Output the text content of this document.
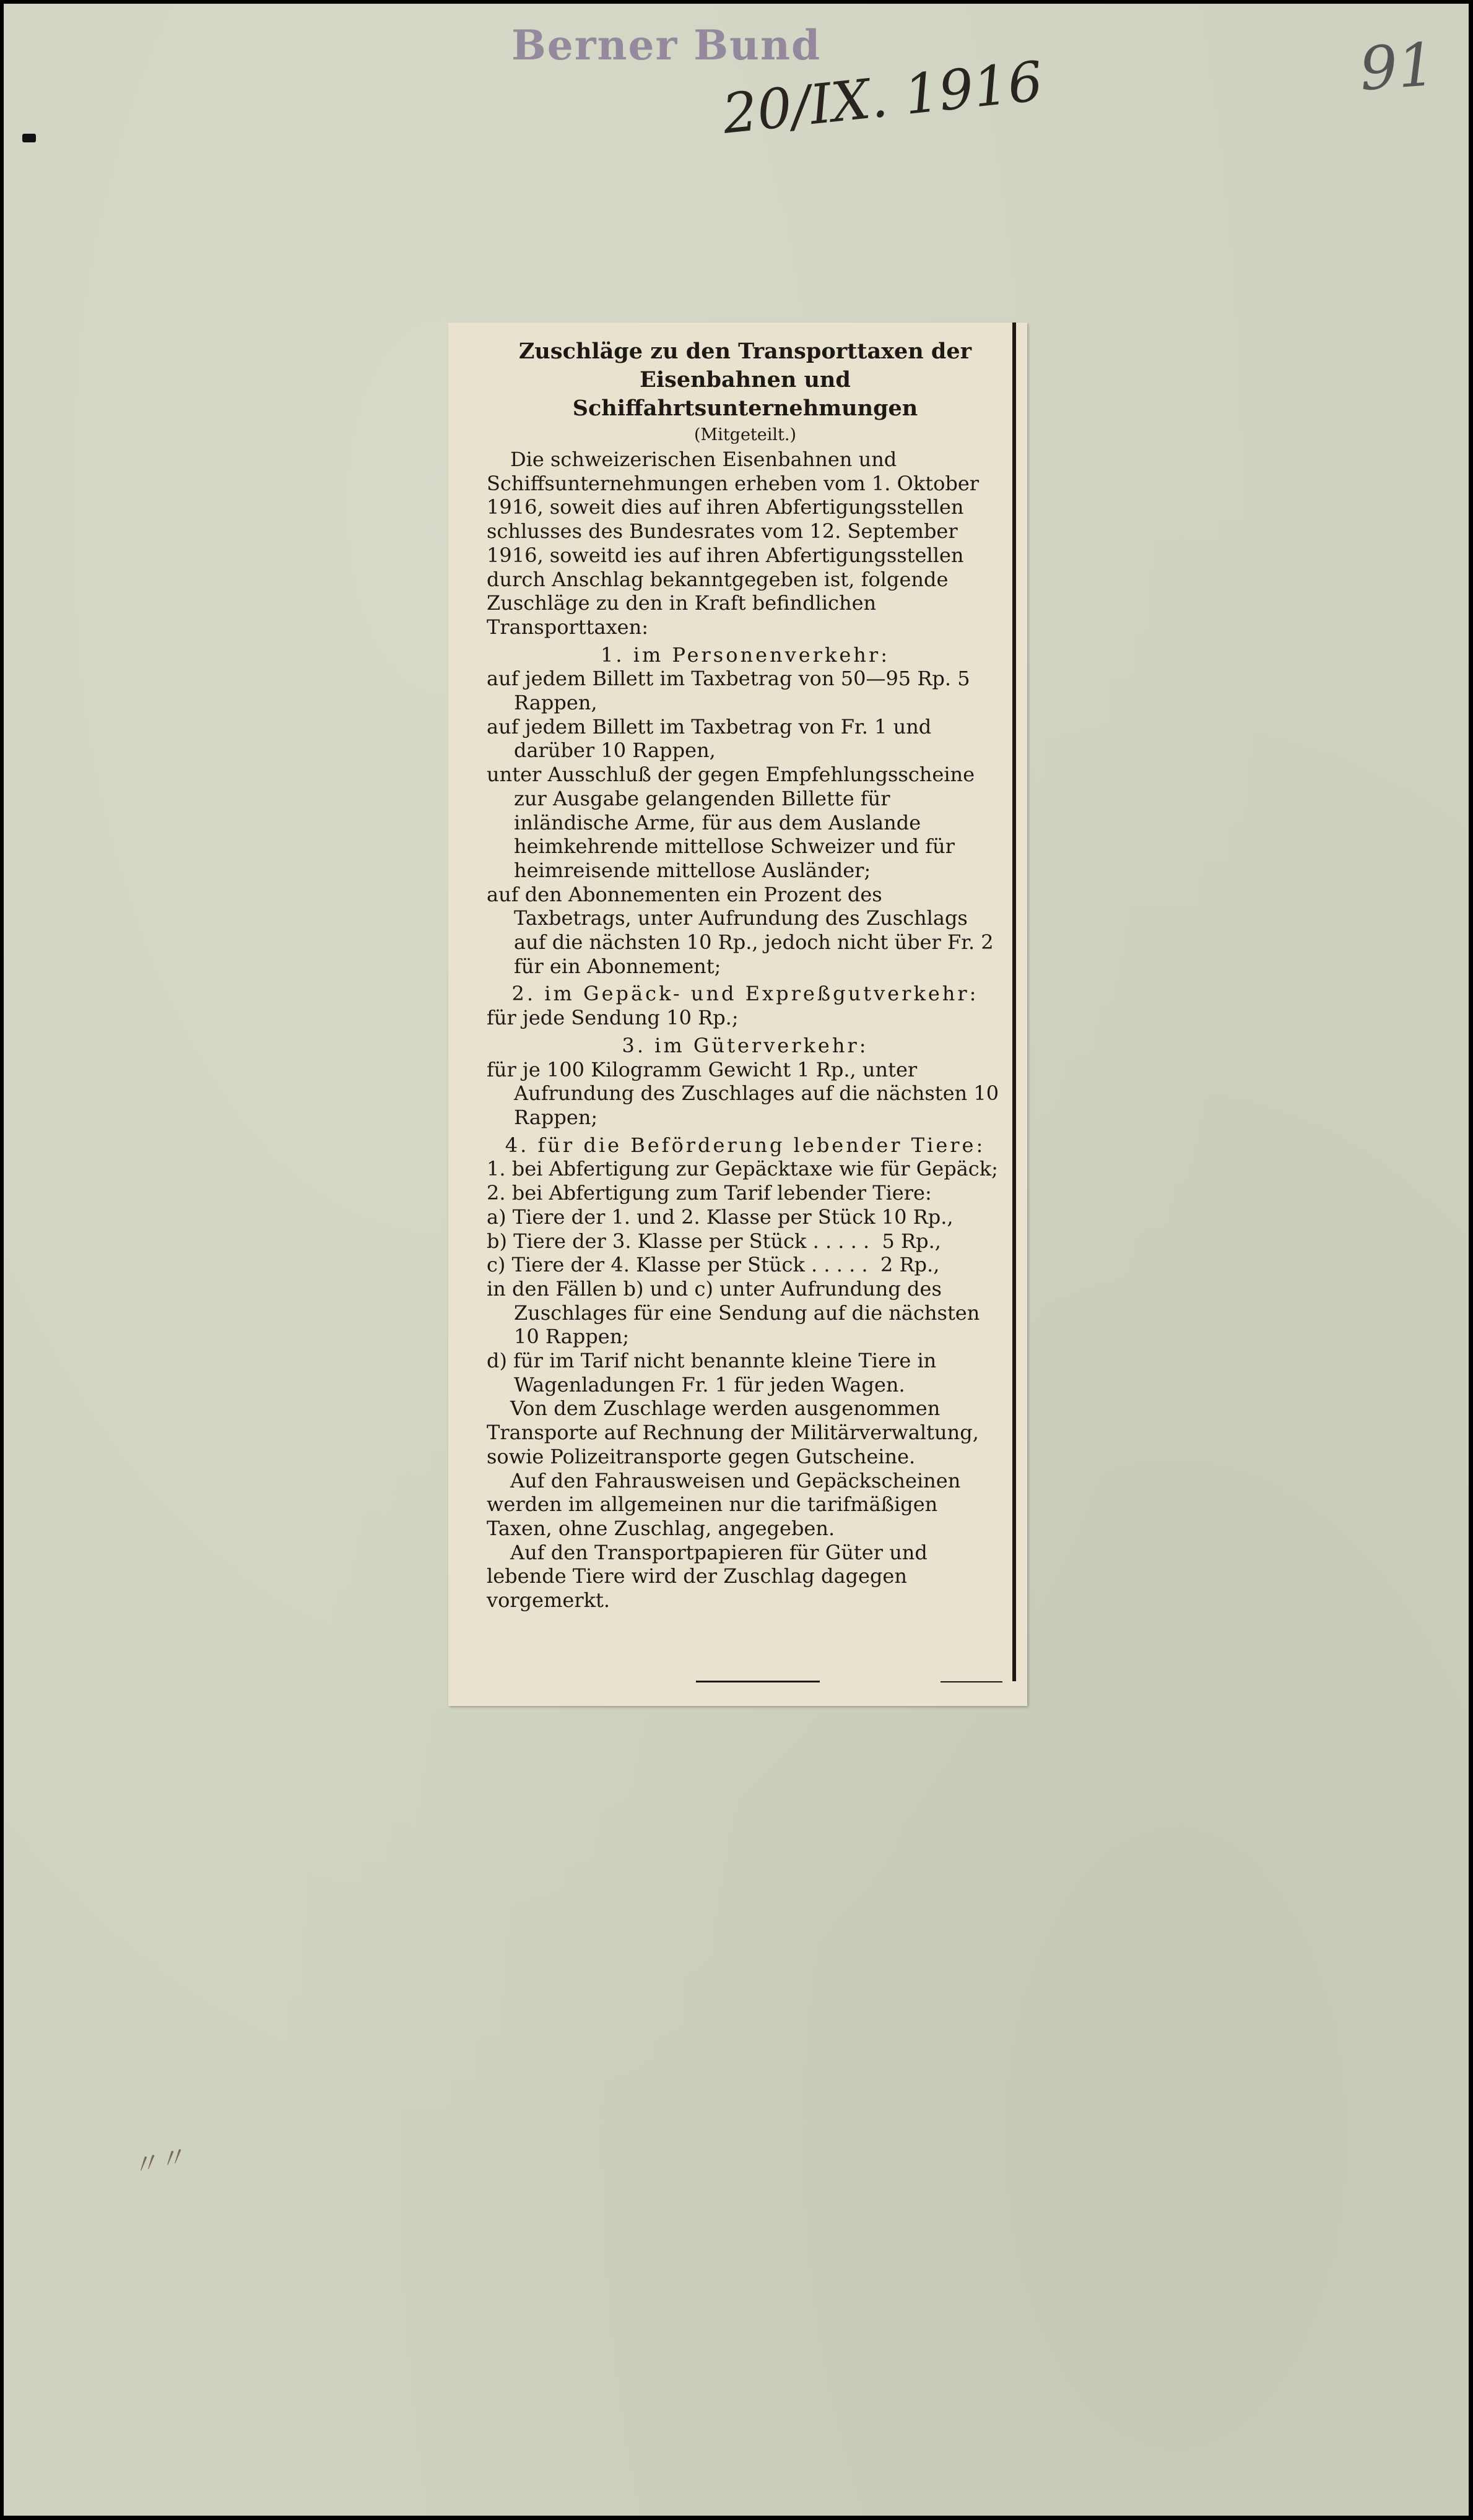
Berner Bund
20/IX. 1916	91
〃〃
Zuschläge zu den Transporttaxen der
Eisenbahnen und Schiffahrtsunternehmungen
(Mitgeteilt.)

Die schweizerischen Eisenbahnen und Schiffsunternehmungen erheben vom 1. Oktober 1916, soweit dies auf ihren Abfertigungsstellen schlusses des Bundesrates vom 12. September 1916, soweitd ies auf ihren Abfertigungsstellen durch Anschlag bekanntgegeben ist, folgende Zuschläge zu den in Kraft befindlichen Transporttaxen:

1. im Personenverkehr:

auf jedem Billett im Taxbetrag von 50—95 Rp. 5 Rappen,

auf jedem Billett im Taxbetrag von Fr. 1 und darüber 10 Rappen,

unter Ausschluß der gegen Empfehlungsscheine zur Ausgabe gelangenden Billette für inländische Arme, für aus dem Auslande heimkehrende mittellose Schweizer und für heimreisende mittellose Ausländer;

auf den Abonnementen ein Prozent des Taxbetrags, unter Aufrundung des Zuschlags auf die nächsten 10 Rp., jedoch nicht über Fr. 2 für ein Abonnement;

2. im Gepäck- und Expreßgutverkehr:

für jede Sendung 10 Rp.;

3. im Güterverkehr:

für je 100 Kilogramm Gewicht 1 Rp., unter Aufrundung des Zuschlages auf die nächsten 10 Rappen;

4. für die Beförderung lebender Tiere:

1. bei Abfertigung zur Gepäcktaxe wie für Gepäck;

2. bei Abfertigung zum Tarif lebender Tiere:

a) Tiere der 1. und 2. Klasse per Stück 10 Rp.,

b) Tiere der 3. Klasse per Stück . . . . .  5 Rp.,

c) Tiere der 4. Klasse per Stück . . . . .  2 Rp.,

in den Fällen b) und c) unter Aufrundung des Zuschlages für eine Sendung auf die nächsten 10 Rappen;

d) für im Tarif nicht benannte kleine Tiere in Wagenladungen Fr. 1 für jeden Wagen.

Von dem Zuschlage werden ausgenommen Transporte auf Rechnung der Militärverwaltung, sowie Polizeitransporte gegen Gutscheine.

Auf den Fahrausweisen und Gepäckscheinen werden im allgemeinen nur die tarifmäßigen Taxen, ohne Zuschlag, angegeben.

Auf den Transportpapieren für Güter und lebende Tiere wird der Zuschlag dagegen vorgemerkt.
